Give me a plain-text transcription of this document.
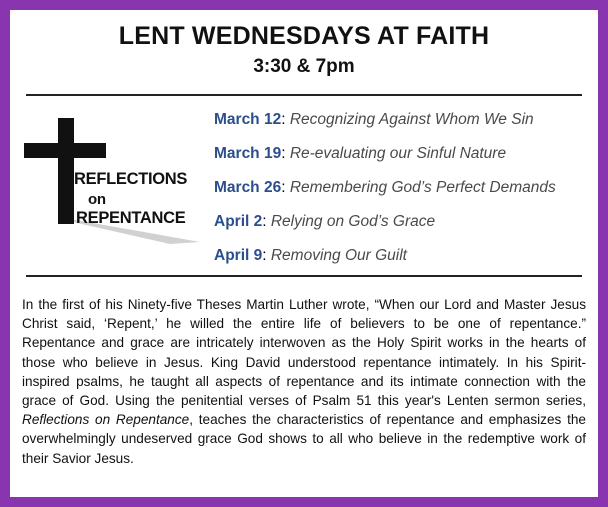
LENT WEDNESDAYS AT FAITH
3:30 & 7pm
REFLECTIONS
on
REPENTANCE
March 12: Recognizing Against Whom We Sin
March 19: Re-evaluating our Sinful Nature
March 26: Remembering God’s Perfect Demands
April 2: Relying on God’s Grace
April 9: Removing Our Guilt
In the first of his Ninety-five Theses Martin Luther wrote, “When our Lord and Master Jesus Christ said, ‘Repent,’ he willed the entire life of believers to be one of repentance.” Repentance and grace are intricately interwoven as the Holy Spirit works in the hearts of those who believe in Jesus. King David understood repentance intimately. In his Spirit-inspired psalms, he taught all aspects of repentance and its intimate connection with the grace of God. Using the penitential verses of Psalm 51 this year's Lenten sermon series, Reflections on Repentance, teaches the characteristics of repentance and emphasizes the overwhelmingly undeserved grace God shows to all who believe in the redemptive work of their Savior Jesus.
